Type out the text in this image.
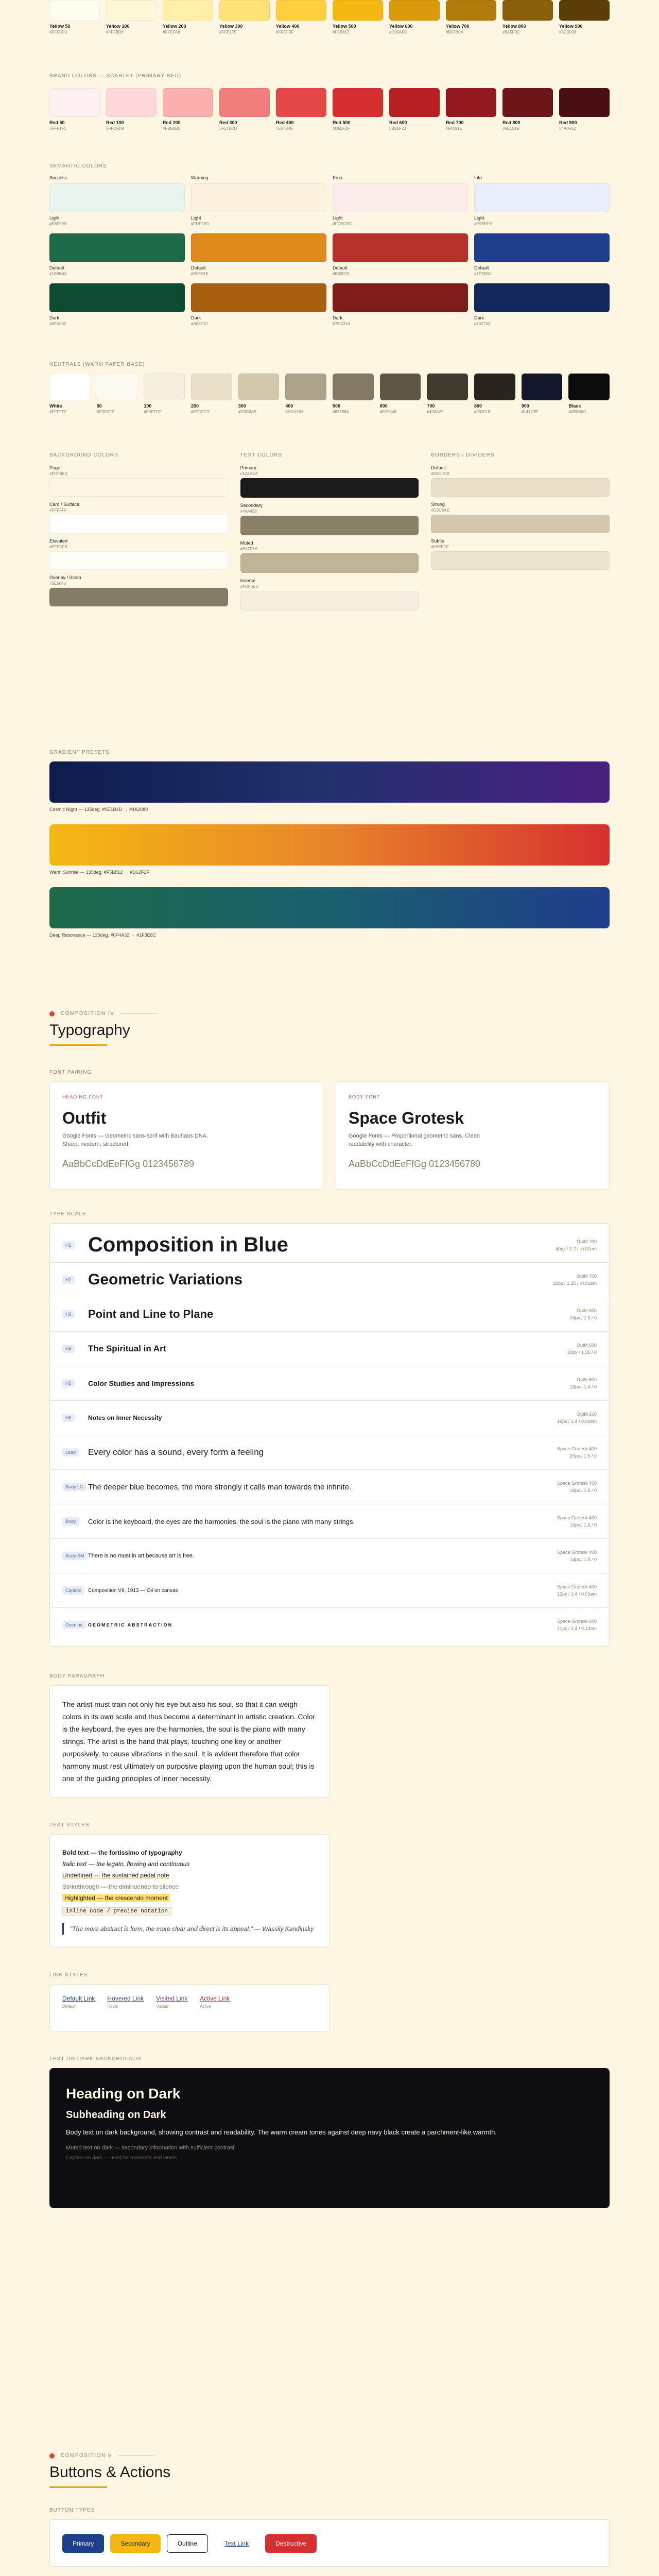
Yellow 50
#FFFDF0
Yellow 100
#FFF8D6
Yellow 200
#FFEFA8
Yellow 300
#FFE175
Yellow 400
#FFCF3F
Yellow 500
#F5B812
Yellow 600
#D99A0C
Yellow 700
#B07B0A
Yellow 800
#8A5F0C
Yellow 900
#5C3F08
BRAND COLORS — SCARLET (PRIMARY RED)
Red 50
#FFF1F1
Red 100
#FFD9D9
Red 200
#FBB0B0
Red 300
#F27D7D
Red 400
#E54848
Red 500
#D62F2F
Red 600
#B81F23
Red 700
#94191E
Red 800
#6E1519
Red 900
#4A0F12
SEMANTIC COLORS
Success
Light
#E8F5EE
Default
#1E6B4A
Dark
#0F4A32
Warning
Light
#FDF2E0
Default
#E08A1E
Dark
#A85F10
Error
Light
#FDECEC
Default
#B8302A
Dark
#7E1D1A
Info
Light
#E9EEFA
Default
#1F3E8C
Dark
#13275C
NEUTRALS (WARM PAPER BASE)
White
#FFFFFF
50
#FDFAF2
100
#F6EFDF
200
#E9DFC9
300
#D3C8AE
400
#ADA28A
500
#837964
600
#5E5646
700
#403A2F
800
#29251E
900
#14172B
Black
#0B0B0C
BACKGROUND COLORS
Page
#FDF6E3
Card / Surface
#FFFFFF
Elevated
#FFFDF8
Overlay / Scrim
#5E5646
TEXT COLORS
Primary
#1A1A1A
Secondary
#4A4436
Muted
#8A7F6A
Inverse
#FDF6E3
BORDERS / DIVIDERS
Default
#E9DFC9
Strong
#D3C8AE
Subtle
#F6EFDF
GRADIENT PRESETS
Cosmic Night — 135deg, #0E1B4D → #4A2080
Warm Sunrise — 135deg, #F5B812 → #D62F2F
Deep Resonance — 135deg, #0F4A32 → #1F3E8C
COMPOSITION IV
Typography
FONT PAIRING
HEADING FONT
Outfit
Google Fonts — Geometric sans-serif with Bauhaus DNA. Sharp, modern, structured.
AaBbCcDdEeFfGg 0123456789
BODY FONT
Space Grotesk
Google Fonts — Proportional geometric sans. Clean readability with character.
AaBbCcDdEeFfGg 0123456789
TYPE SCALE
H1 Composition in Blue	Outfit 700
40px / 1.2 / -0.02em
H2	Geometric Variations	Outfit 700
32px / 1.25 / -0.01em
H3	Point and Line to Plane	Outfit 600
24px / 1.3 / 0
H4	The Spiritual in Art	Outfit 600
20px / 1.35 / 0
H5	Color Studies and Impressions	Outfit 600
18px / 1.4 / 0
H6	Notes on Inner Necessity	Outfit 600
16px / 1.4 / 0.01em
Lead	Every color has a sound, every form a feeling	Space Grotesk 400
20px / 1.6 / 0
Body LG The deeper blue becomes, the more strongly it calls man towards the infinite.	Space Grotesk 400
18px / 1.6 / 0
Body	Color is the keyboard, the eyes are the harmonies, the soul is the piano with many strings.	Space Grotesk 400
16px / 1.6 / 0
Body SM There is no must in art because art is free.
Space Grotesk 400
14px / 1.5 / 0
Caption	Composition VII, 1913 — Oil on canvas
Space Grotesk 400
12px / 1.4 / 0.01em
Overline	GEOMETRIC ABSTRACTION
Space Grotesk 600
11px / 1.4 / 0.12em
BODY PARAGRAPH
The artist must train not only his eye but also his soul, so that it can weigh colors in its own scale and thus become a determinant in artistic creation. Color is the keyboard, the eyes are the harmonies, the soul is the piano with many strings. The artist is the hand that plays, touching one key or another purposively, to cause vibrations in the soul. It is evident therefore that color harmony must rest ultimately on purposive playing upon the human soul; this is one of the guiding principles of inner necessity.
TEXT STYLES
Bold text — the fortissimo of typography
Italic text — the legato, flowing and continuous
Underlined — the sustained pedal note
Strikethrough — the diminuendo to silence
Highlighted — the crescendo moment
inline code / precise notation
"The more abstract is form, the more clear and direct is its appeal." — Wassily Kandinsky
LINK STYLES
Default Link
Default
Hovered Link
Hover
Visited Link
Visited
Active Link
Active
TEXT ON DARK BACKGROUNDS
Heading on Dark
Subheading on Dark
Body text on dark background, showing contrast and readability. The warm cream tones against deep navy black create a parchment-like warmth.
Muted text on dark — secondary information with sufficient contrast.
Caption on dark — used for metadata and labels.
COMPOSITION V
Buttons & Actions
BUTTON TYPES
Primary	Secondary	Outline	Text Link	Destructive
